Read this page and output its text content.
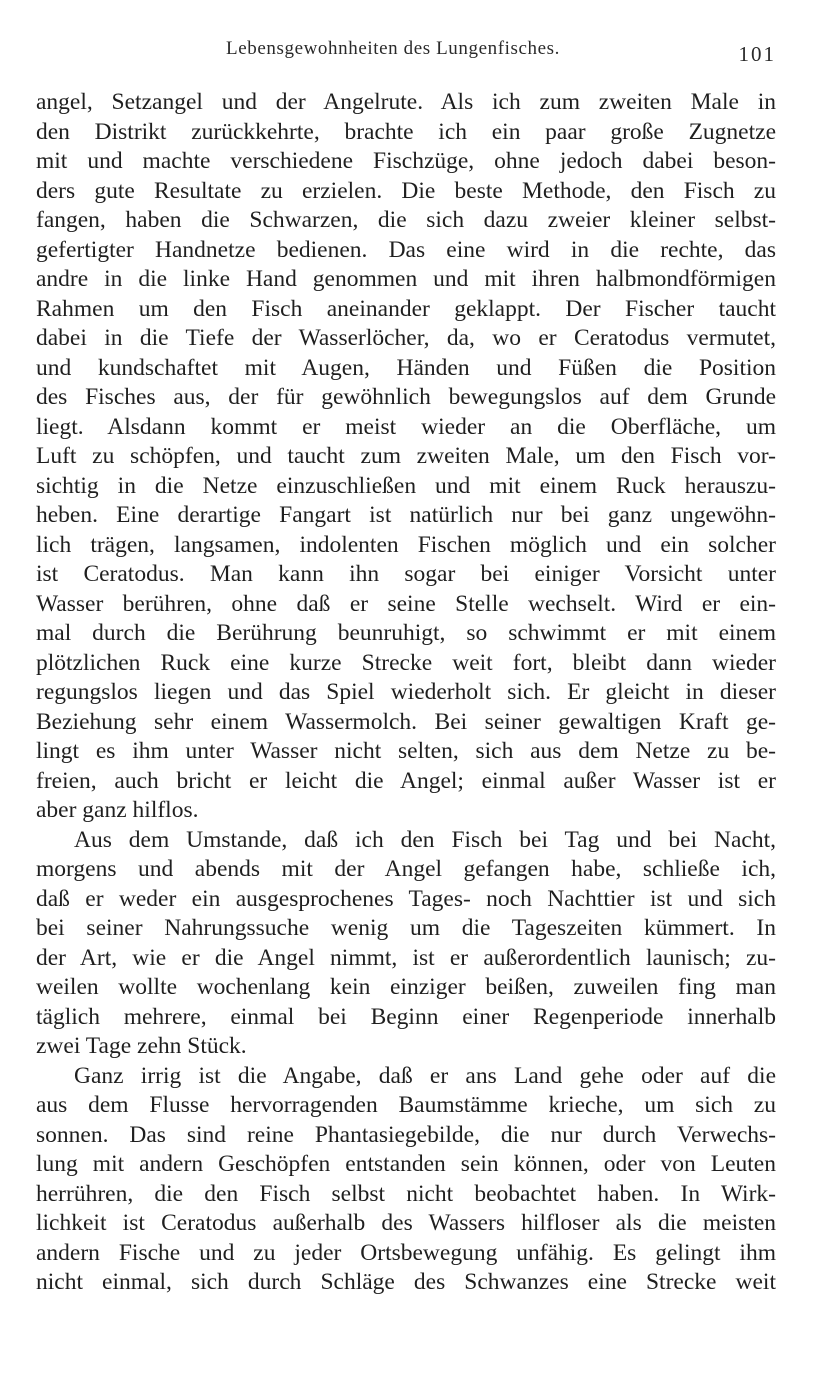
Lebensgewohnheiten des Lungenfisches.	101
angel, Setzangel und der Angelrute. Als ich zum zweiten Male in
den Distrikt zurückkehrte, brachte ich ein paar große Zugnetze
mit und machte verschiedene Fischzüge, ohne jedoch dabei beson-
ders gute Resultate zu erzielen. Die beste Methode, den Fisch zu
fangen, haben die Schwarzen, die sich dazu zweier kleiner selbst-
gefertigter Handnetze bedienen. Das eine wird in die rechte, das
andre in die linke Hand genommen und mit ihren halbmondförmigen
Rahmen um den Fisch aneinander geklappt. Der Fischer taucht
dabei in die Tiefe der Wasserlöcher, da, wo er Ceratodus vermutet,
und kundschaftet mit Augen, Händen und Füßen die Position
des Fisches aus, der für gewöhnlich bewegungslos auf dem Grunde
liegt. Alsdann kommt er meist wieder an die Oberfläche, um
Luft zu schöpfen, und taucht zum zweiten Male, um den Fisch vor-
sichtig in die Netze einzuschließen und mit einem Ruck herauszu-
heben. Eine derartige Fangart ist natürlich nur bei ganz ungewöhn-
lich trägen, langsamen, indolenten Fischen möglich und ein solcher
ist Ceratodus. Man kann ihn sogar bei einiger Vorsicht unter
Wasser berühren, ohne daß er seine Stelle wechselt. Wird er ein-
mal durch die Berührung beunruhigt, so schwimmt er mit einem
plötzlichen Ruck eine kurze Strecke weit fort, bleibt dann wieder
regungslos liegen und das Spiel wiederholt sich. Er gleicht in dieser
Beziehung sehr einem Wassermolch. Bei seiner gewaltigen Kraft ge-
lingt es ihm unter Wasser nicht selten, sich aus dem Netze zu be-
freien, auch bricht er leicht die Angel; einmal außer Wasser ist er
aber ganz hilflos.
Aus dem Umstande, daß ich den Fisch bei Tag und bei Nacht,
morgens und abends mit der Angel gefangen habe, schließe ich,
daß er weder ein ausgesprochenes Tages- noch Nachttier ist und sich
bei seiner Nahrungssuche wenig um die Tageszeiten kümmert. In
der Art, wie er die Angel nimmt, ist er außerordentlich launisch; zu-
weilen wollte wochenlang kein einziger beißen, zuweilen fing man
täglich mehrere, einmal bei Beginn einer Regenperiode innerhalb
zwei Tage zehn Stück.
Ganz irrig ist die Angabe, daß er ans Land gehe oder auf die
aus dem Flusse hervorragenden Baumstämme krieche, um sich zu
sonnen. Das sind reine Phantasiegebilde, die nur durch Verwechs-
lung mit andern Geschöpfen entstanden sein können, oder von Leuten
herrühren, die den Fisch selbst nicht beobachtet haben. In Wirk-
lichkeit ist Ceratodus außerhalb des Wassers hilfloser als die meisten
andern Fische und zu jeder Ortsbewegung unfähig. Es gelingt ihm
nicht einmal, sich durch Schläge des Schwanzes eine Strecke weit
